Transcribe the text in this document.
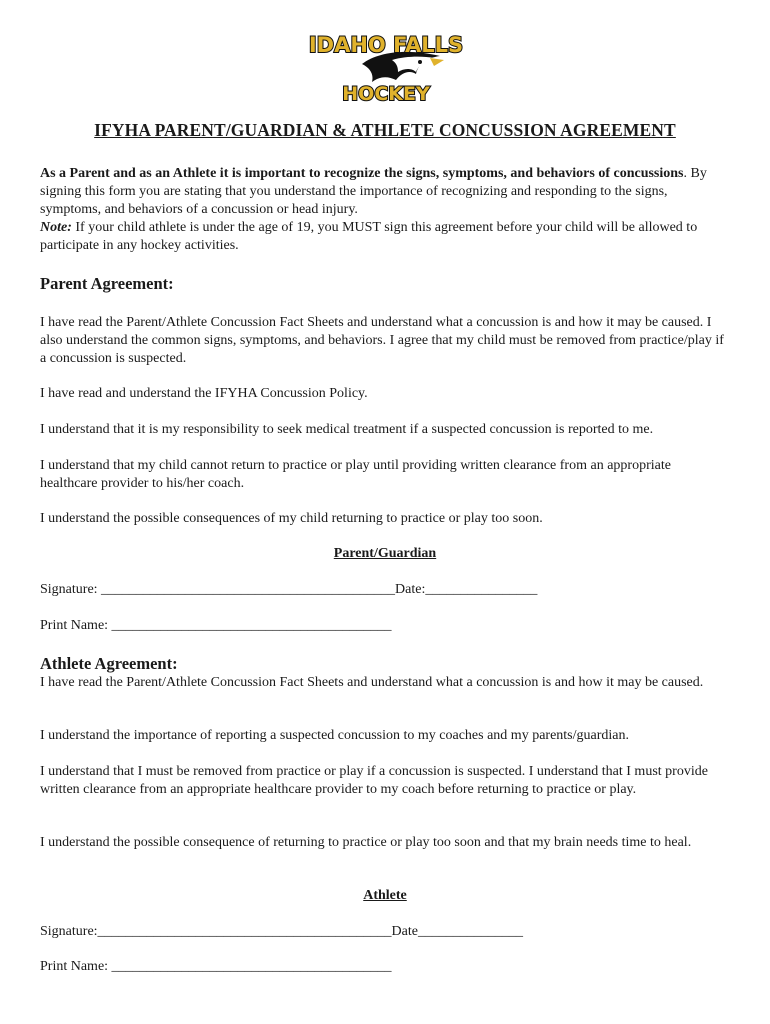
IDAHO FALLS
HOCKEY
IFYHA PARENT/GUARDIAN & ATHLETE CONCUSSION AGREEMENT
As a Parent and as an Athlete it is important to recognize the signs, symptoms, and behaviors of concussions. By signing this form you are stating that you understand the importance of recognizing and responding to the signs, symptoms, and behaviors of a concussion or head injury.
Note: If your child athlete is under the age of 19, you MUST sign this agreement before your child will be allowed to participate in any hockey activities.
Parent Agreement:
I have read the Parent/Athlete Concussion Fact Sheets and understand what a concussion is and how it may be caused. I also understand the common signs, symptoms, and behaviors. I agree that my child must be removed from practice/play if a concussion is suspected.
I have read and understand the IFYHA Concussion Policy.
I understand that it is my responsibility to seek medical treatment if a suspected concussion is reported to me.
I understand that my child cannot return to practice or play until providing written clearance from an appropriate healthcare provider to his/her coach.
I understand the possible consequences of my child returning to practice or play too soon.
Parent/Guardian
Signature: __________________________________________Date:________________
Print Name: ________________________________________
Athlete Agreement:
I have read the Parent/Athlete Concussion Fact Sheets and understand what a concussion is and how it may be caused.
I understand the importance of reporting a suspected concussion to my coaches and my parents/guardian.
I understand that I must be removed from practice or play if a concussion is suspected. I understand that I must provide written clearance from an appropriate healthcare provider to my coach before returning to practice or play.
I understand the possible consequence of returning to practice or play too soon and that my brain needs time to heal.
Athlete
Signature:__________________________________________Date_______________
Print Name: ________________________________________
